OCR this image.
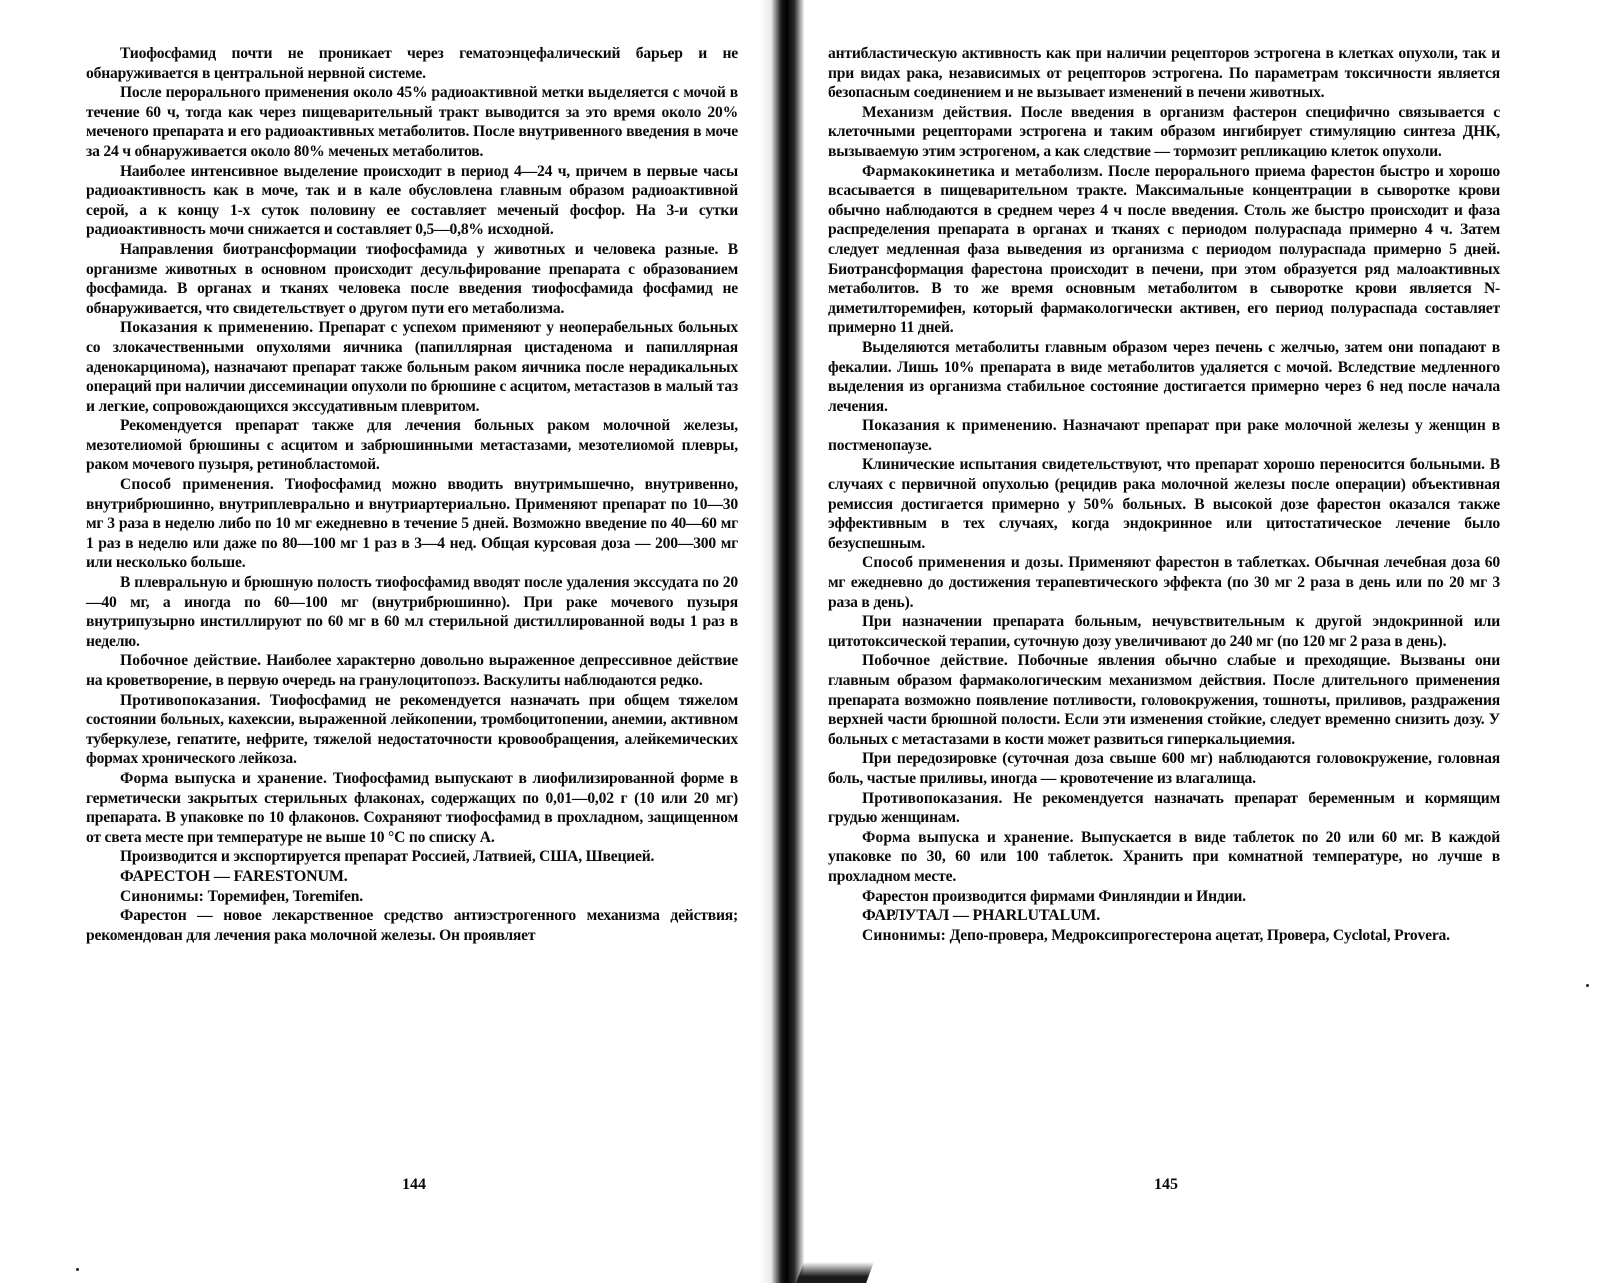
Тиофосфамид почти не проникает через гематоэнцефалический барьер и не обнаруживается в центральной нервной системе.

После перорального применения около 45% радиоактивной метки выделяется с мочой в течение 60 ч, тогда как через пищеварительный тракт выводится за это время около 20% меченого препарата и его радиоактивных метаболитов. После внутривенного введения в моче за 24 ч обнаруживается около 80% меченых метаболитов.

Наиболее интенсивное выделение происходит в период 4—24 ч, причем в первые часы радиоактивность как в моче, так и в кале обусловлена главным образом радиоактивной серой, а к концу 1-х суток половину ее составляет меченый фосфор. На 3-и сутки радиоактивность мочи снижается и составляет 0,5—0,8% исходной.

Направления биотрансформации тиофосфамида у животных и человека разные. В организме животных в основном происходит десульфирование препарата с образованием фосфамида. В органах и тканях человека после введения тиофосфамида фосфамид не обнаруживается, что свидетельствует о другом пути его метаболизма.

Показания к применению. Препарат с успехом применяют у неоперабельных больных со злокачественными опухолями яичника (папиллярная цистаденома и папиллярная аденокарцинома), назначают препарат также больным раком яичника после нерадикальных операций при наличии диссеминации опухоли по брюшине с асцитом, метастазов в малый таз и легкие, сопровождающихся экссудативным плевритом.

Рекомендуется препарат также для лечения больных раком молочной железы, мезотелиомой брюшины с асцитом и забрюшинными метастазами, мезотелиомой плевры, раком мочевого пузыря, ретинобластомой.

Способ применения. Тиофосфамид можно вводить внутримышечно, внутривенно, внутрибрюшинно, внутриплеврально и внутриартериально. Применяют препарат по 10—30 мг 3 раза в неделю либо по 10 мг ежедневно в течение 5 дней. Возможно введение по 40—60 мг 1 раз в неделю или даже по 80—100 мг 1 раз в 3—4 нед. Общая курсовая доза — 200—300 мг или несколько больше.

В плевральную и брюшную полость тиофосфамид вводят после удаления экссудата по 20—40 мг, а иногда по 60—100 мг (внутрибрюшинно). При раке мочевого пузыря внутрипузырно инстиллируют по 60 мг в 60 мл стерильной дистиллированной воды 1 раз в неделю.

Побочное действие. Наиболее характерно довольно выраженное депрессивное действие на кроветворение, в первую очередь на гранулоцитопоэз. Васкулиты наблюдаются редко.

Противопоказания. Тиофосфамид не рекомендуется назначать при общем тяжелом состоянии больных, кахексии, выраженной лейкопении, тромбоцитопении, анемии, активном туберкулезе, гепатите, нефрите, тяжелой недостаточности кровообращения, алейкемических формах хронического лейкоза.

Форма выпуска и хранение. Тиофосфамид выпускают в лиофилизированной форме в герметически закрытых стерильных флаконах, содержащих по 0,01—0,02 г (10 или 20 мг) препарата. В упаковке по 10 флаконов. Сохраняют тиофосфамид в прохладном, защищенном от света месте при температуре не выше 10 °С по списку А.

Производится и экспортируется препарат Россией, Латвией, США, Швецией.

ФАРЕСТОН — FARESTONUM.

Синонимы: Торемифен, Toremifen.

Фарестон — новое лекарственное средство антиэстрогенного механизма действия; рекомендован для лечения рака молочной железы. Он проявляет

144

антибластическую активность как при наличии рецепторов эстрогена в клетках опухоли, так и при видах рака, независимых от рецепторов эстрогена. По параметрам токсичности является безопасным соединением и не вызывает изменений в печени животных.

Механизм действия. После введения в организм фастерон специфично связывается с клеточными рецепторами эстрогена и таким образом ингибирует стимуляцию синтеза ДНК, вызываемую этим эстрогеном, а как следствие — тормозит репликацию клеток опухоли.

Фармакокинетика и метаболизм. После перорального приема фарестон быстро и хорошо всасывается в пищеварительном тракте. Максимальные концентрации в сыворотке крови обычно наблюдаются в среднем через 4 ч после введения. Столь же быстро происходит и фаза распределения препарата в органах и тканях с периодом полураспада примерно 4 ч. Затем следует медленная фаза выведения из организма с периодом полураспада примерно 5 дней. Биотрансформация фарестона происходит в печени, при этом образуется ряд малоактивных метаболитов. В то же время основным метаболитом в сыворотке крови является N-диметилторемифен, который фармакологически активен, его период полураспада составляет примерно 11 дней.

Выделяются метаболиты главным образом через печень с желчью, затем они попадают в фекалии. Лишь 10% препарата в виде метаболитов удаляется с мочой. Вследствие медленного выделения из организма стабильное состояние достигается примерно через 6 нед после начала лечения.

Показания к применению. Назначают препарат при раке молочной железы у женщин в постменопаузе.

Клинические испытания свидетельствуют, что препарат хорошо переносится больными. В случаях с первичной опухолью (рецидив рака молочной железы после операции) объективная ремиссия достигается примерно у 50% больных. В высокой дозе фарестон оказался также эффективным в тех случаях, когда эндокринное или цитостатическое лечение было безуспешным.

Способ применения и дозы. Применяют фарестон в таблетках. Обычная лечебная доза 60 мг ежедневно до достижения терапевтического эффекта (по 30 мг 2 раза в день или по 20 мг 3 раза в день).

При назначении препарата больным, нечувствительным к другой эндокринной или цитотоксической терапии, суточную дозу увеличивают до 240 мг (по 120 мг 2 раза в день).

Побочное действие. Побочные явления обычно слабые и преходящие. Вызваны они главным образом фармакологическим механизмом действия. После длительного применения препарата возможно появление потливости, головокружения, тошноты, приливов, раздражения верхней части брюшной полости. Если эти изменения стойкие, следует временно снизить дозу. У больных с метастазами в кости может развиться гиперкальциемия.

При передозировке (суточная доза свыше 600 мг) наблюдаются головокружение, головная боль, частые приливы, иногда — кровотечение из влагалища.

Противопоказания. Не рекомендуется назначать препарат беременным и кормящим грудью женщинам.

Форма выпуска и хранение. Выпускается в виде таблеток по 20 или 60 мг. В каждой упаковке по 30, 60 или 100 таблеток. Хранить при комнатной температуре, но лучше в прохладном месте.

Фарестон производится фирмами Финляндии и Индии.

ФАРЛУТАЛ — PHARLUTALUM.

Синонимы: Депо-провера, Медроксипрогестерона ацетат, Провера, Cyclotal, Provera.

145
